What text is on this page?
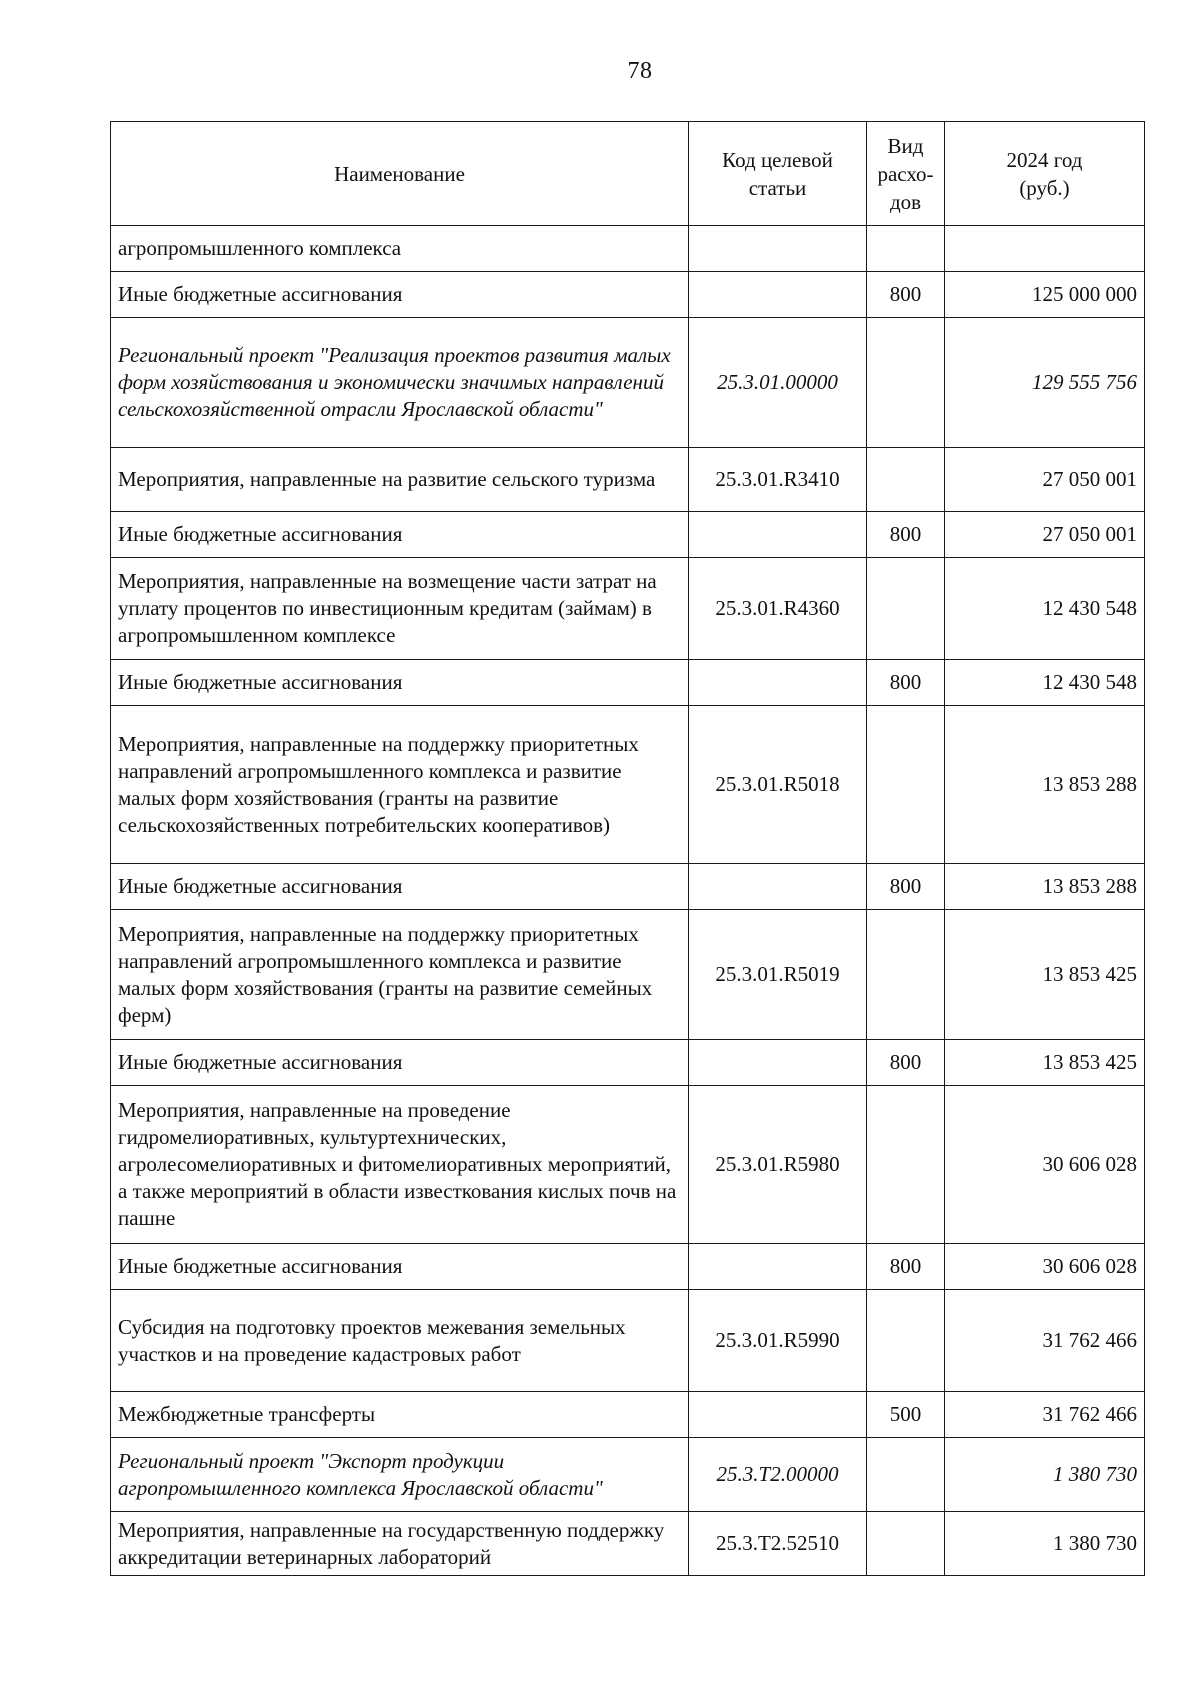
78
Наименование	Код целевой статьи	Вид расхо-дов	2024 год (руб.)
агропромышленного комплекса			
Иные бюджетные ассигнования		800	125 000 000
Региональный проект "Реализация проектов развития малых форм хозяйствования и экономически значимых направлений сельскохозяйственной отрасли Ярославской области"	25.3.01.00000		129 555 756
Мероприятия, направленные на развитие сельского туризма	25.3.01.R3410		27 050 001
Иные бюджетные ассигнования		800	27 050 001
Мероприятия, направленные на возмещение части затрат на уплату процентов по инвестиционным кредитам (займам) в агропромышленном комплексе	25.3.01.R4360		12 430 548
Иные бюджетные ассигнования		800	12 430 548
Мероприятия, направленные на поддержку приоритетных направлений агропромышленного комплекса и развитие малых форм хозяйствования (гранты на развитие сельскохозяйственных потребительских кооперативов)	25.3.01.R5018		13 853 288
Иные бюджетные ассигнования		800	13 853 288
Мероприятия, направленные на поддержку приоритетных направлений агропромышленного комплекса и развитие малых форм хозяйствования (гранты на развитие семейных ферм)	25.3.01.R5019		13 853 425
Иные бюджетные ассигнования		800	13 853 425
Мероприятия, направленные на проведение гидромелиоративных, культуртехнических, агролесомелиоративных и фитомелиоративных мероприятий, а также мероприятий в области известкования кислых почв на пашне	25.3.01.R5980		30 606 028
Иные бюджетные ассигнования		800	30 606 028
Субсидия на подготовку проектов межевания земельных участков и на проведение кадастровых работ	25.3.01.R5990		31 762 466
Межбюджетные трансферты		500	31 762 466
Региональный проект "Экспорт продукции агропромышленного комплекса Ярославской области"	25.3.Т2.00000		1 380 730
Мероприятия, направленные на государственную поддержку аккредитации ветеринарных лабораторий	25.3.Т2.52510		1 380 730
